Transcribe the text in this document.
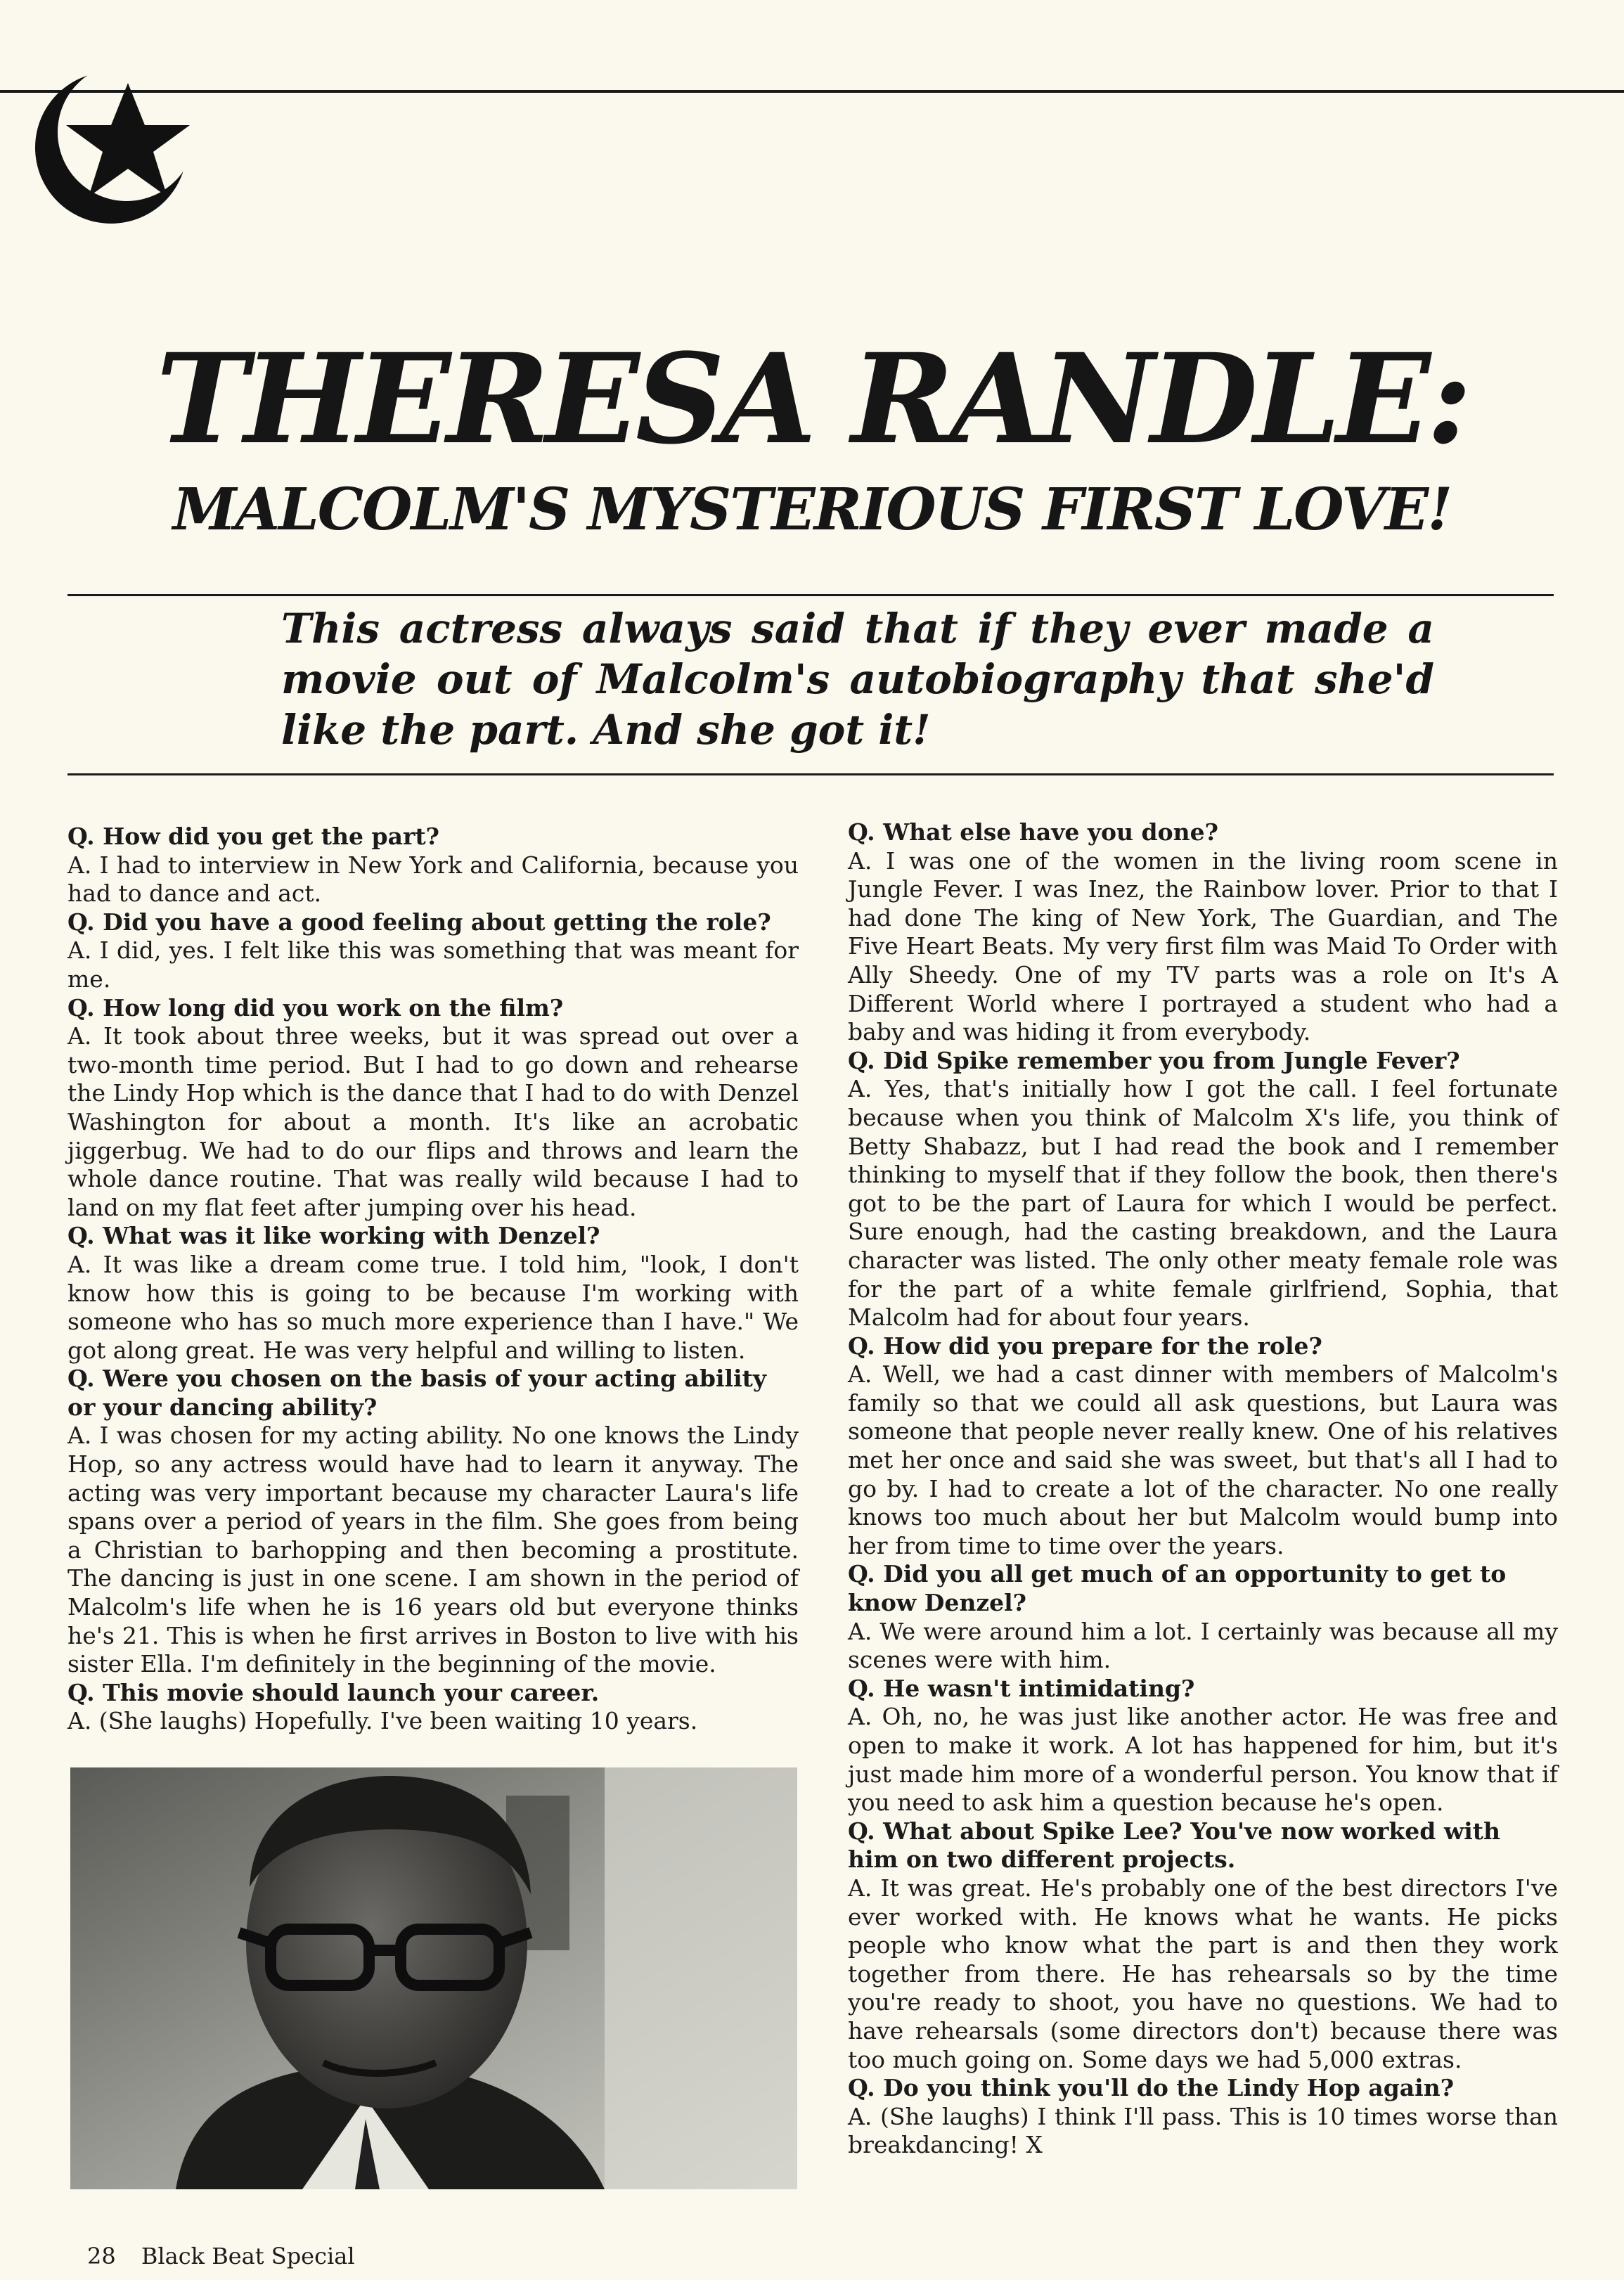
THERESA RANDLE:
MALCOLM'S MYSTERIOUS FIRST LOVE!
This actress always said that if they ever made a movie out of Malcolm's autobiography that she'd like the part. And she got it!

Q. How did you get the part?

A. I had to interview in New York and California, because you had to dance and act.

Q. Did you have a good feeling about getting the role?

A. I did, yes. I felt like this was something that was meant for me.

Q. How long did you work on the film?

A. It took about three weeks, but it was spread out over a two-month time period. But I had to go down and rehearse the Lindy Hop which is the dance that I had to do with Denzel Washington for about a month. It's like an acrobatic jiggerbug. We had to do our flips and throws and learn the whole dance routine. That was really wild because I had to land on my flat feet after jumping over his head.

Q. What was it like working with Denzel?

A. It was like a dream come true. I told him, "look, I don't know how this is going to be because I'm working with someone who has so much more experience than I have." We got along great. He was very helpful and willing to listen.

Q. Were you chosen on the basis of your acting ability or your dancing ability?

A. I was chosen for my acting ability. No one knows the Lindy Hop, so any actress would have had to learn it anyway. The acting was very important because my character Laura's life spans over a period of years in the film. She goes from being a Christian to barhopping and then becoming a prostitute. The dancing is just in one scene. I am shown in the period of Malcolm's life when he is 16 years old but everyone thinks he's 21. This is when he first arrives in Boston to live with his sister Ella. I'm definitely in the beginning of the movie.

Q. This movie should launch your career.

A. (She laughs) Hopefully. I've been waiting 10 years.

Q. What else have you done?

A. I was one of the women in the living room scene in Jungle Fever. I was Inez, the Rainbow lover. Prior to that I had done The king of New York, The Guardian, and The Five Heart Beats. My very first film was Maid To Order with Ally Sheedy. One of my TV parts was a role on It's A Different World where I portrayed a student who had a baby and was hiding it from everybody.

Q. Did Spike remember you from Jungle Fever?

A. Yes, that's initially how I got the call. I feel fortunate because when you think of Malcolm X's life, you think of Betty Shabazz, but I had read the book and I remember thinking to myself that if they follow the book, then there's got to be the part of Laura for which I would be perfect. Sure enough, had the casting breakdown, and the Laura character was listed. The only other meaty female role was for the part of a white female girlfriend, Sophia, that Malcolm had for about four years.

Q. How did you prepare for the role?

A. Well, we had a cast dinner with members of Malcolm's family so that we could all ask questions, but Laura was someone that people never really knew. One of his relatives met her once and said she was sweet, but that's all I had to go by. I had to create a lot of the character. No one really knows too much about her but Malcolm would bump into her from time to time over the years.

Q. Did you all get much of an opportunity to get to know Denzel?

A. We were around him a lot. I certainly was because all my scenes were with him.

Q. He wasn't intimidating?

A. Oh, no, he was just like another actor. He was free and open to make it work. A lot has happened for him, but it's just made him more of a wonderful person. You know that if you need to ask him a question because he's open.

Q. What about Spike Lee? You've now worked with him on two different projects.

A. It was great. He's probably one of the best directors I've ever worked with. He knows what he wants. He picks people who know what the part is and then they work together from there. He has rehearsals so by the time you're ready to shoot, you have no questions. We had to have rehearsals (some directors don't) because there was too much going on. Some days we had 5,000 extras.

Q. Do you think you'll do the Lindy Hop again?

A. (She laughs) I think I'll pass. This is 10 times worse than breakdancing! X

28 Black Beat Special
